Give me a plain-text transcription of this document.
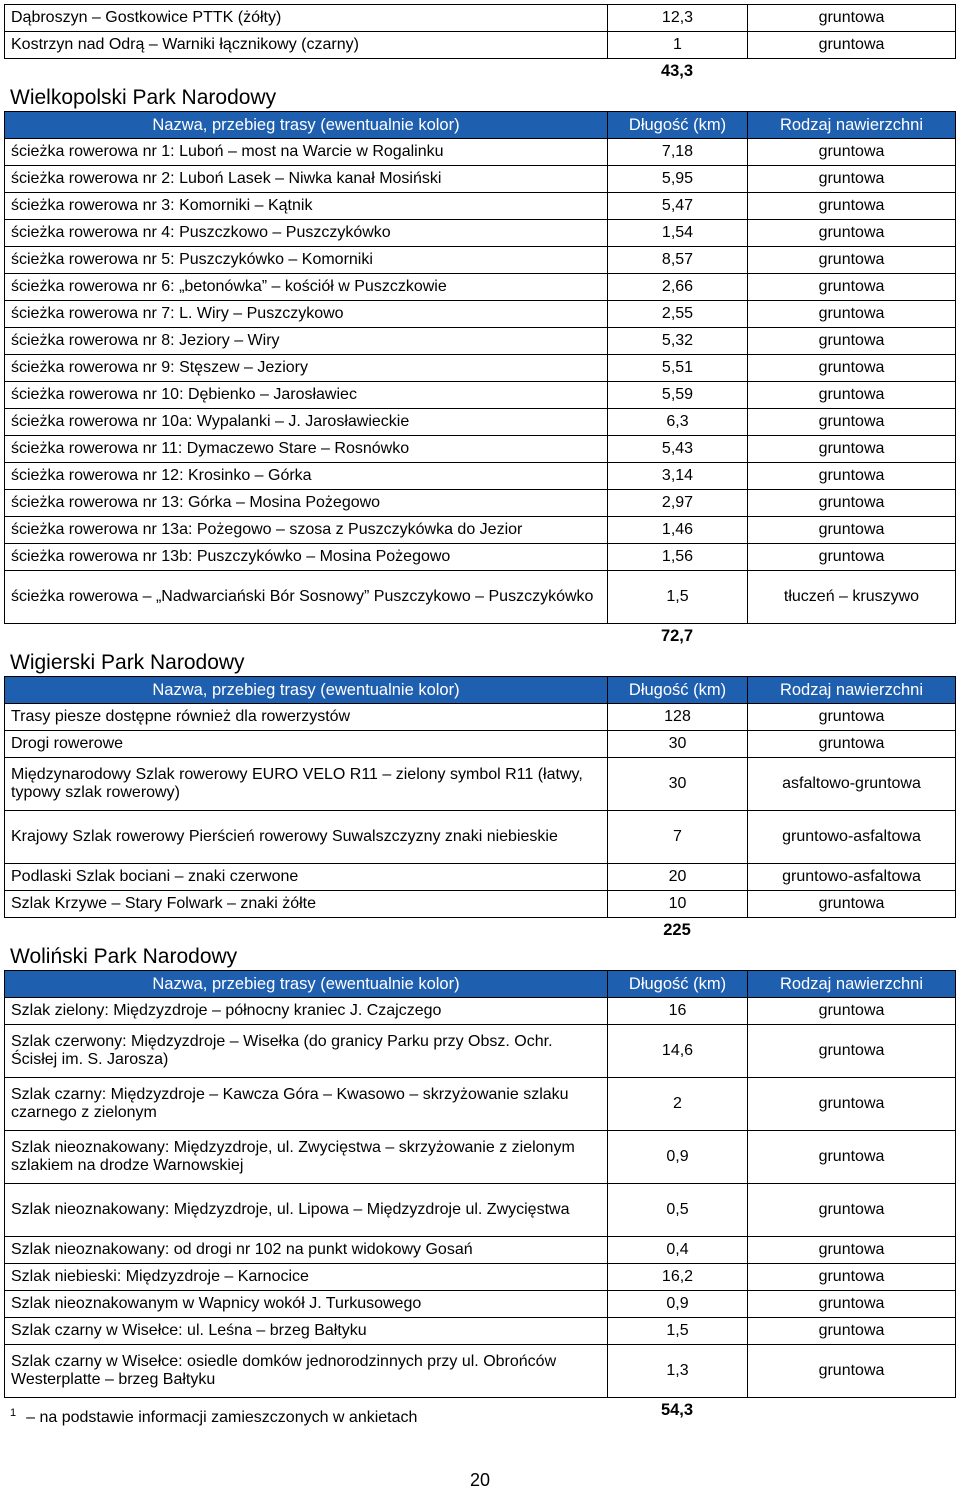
Dąbroszyn – Gostkowice PTTK (żółty)	12,3	gruntowa
Kostrzyn nad Odrą – Warniki łącznikowy (czarny)	1	gruntowa
43,3
Wielkopolski Park Narodowy
Nazwa, przebieg trasy (ewentualnie kolor)	Długość (km)	Rodzaj nawierzchni
ścieżka rowerowa nr 1: Luboń – most na Warcie w Rogalinku	7,18	gruntowa
ścieżka rowerowa nr 2: Luboń Lasek – Niwka kanał Mosiński	5,95	gruntowa
ścieżka rowerowa nr 3: Komorniki – Kątnik	5,47	gruntowa
ścieżka rowerowa nr 4: Puszczkowo – Puszczykówko	1,54	gruntowa
ścieżka rowerowa nr 5: Puszczykówko – Komorniki	8,57	gruntowa
ścieżka rowerowa nr 6: „betonówka” – kościół w Puszczkowie	2,66	gruntowa
ścieżka rowerowa nr 7: L. Wiry – Puszczykowo	2,55	gruntowa
ścieżka rowerowa nr 8: Jeziory – Wiry	5,32	gruntowa
ścieżka rowerowa nr 9: Stęszew – Jeziory	5,51	gruntowa
ścieżka rowerowa nr 10: Dębienko – Jarosławiec	5,59	gruntowa
ścieżka rowerowa nr 10a: Wypalanki – J. Jarosławieckie	6,3	gruntowa
ścieżka rowerowa nr 11: Dymaczewo Stare – Rosnówko	5,43	gruntowa
ścieżka rowerowa nr 12: Krosinko – Górka	3,14	gruntowa
ścieżka rowerowa nr 13: Górka – Mosina Pożegowo	2,97	gruntowa
ścieżka rowerowa nr 13a: Pożegowo – szosa z Puszczykówka do Jezior	1,46	gruntowa
ścieżka rowerowa nr 13b: Puszczykówko – Mosina Pożegowo	1,56	gruntowa
ścieżka rowerowa – „Nadwarciański Bór Sosnowy” Puszczykowo – Puszczykówko	1,5	tłuczeń – kruszywo
72,7
Wigierski Park Narodowy
Nazwa, przebieg trasy (ewentualnie kolor)	Długość (km)	Rodzaj nawierzchni
Trasy piesze dostępne również dla rowerzystów	128	gruntowa
Drogi rowerowe	30	gruntowa
Międzynarodowy Szlak rowerowy EURO VELO R11 – zielony symbol R11 (łatwy, typowy szlak rowerowy)	30	asfaltowo-gruntowa
Krajowy Szlak rowerowy Pierścień rowerowy Suwalszczyzny znaki niebieskie	7	gruntowo-asfaltowa
Podlaski Szlak bociani – znaki czerwone	20	gruntowo-asfaltowa
Szlak Krzywe – Stary Folwark – znaki żółte	10	gruntowa
225
Woliński Park Narodowy
Nazwa, przebieg trasy (ewentualnie kolor)	Długość (km)	Rodzaj nawierzchni
Szlak zielony: Międzyzdroje – północny kraniec J. Czajczego	16	gruntowa
Szlak czerwony: Międzyzdroje – Wisełka (do granicy Parku przy Obsz. Ochr. Ścisłej im. S. Jarosza)	14,6	gruntowa
Szlak czarny: Międzyzdroje – Kawcza Góra – Kwasowo – skrzyżowanie szlaku czarnego z zielonym	2	gruntowa
Szlak nieoznakowany: Międzyzdroje, ul. Zwycięstwa – skrzyżowanie z zielonym szlakiem na drodze Warnowskiej	0,9	gruntowa
Szlak nieoznakowany: Międzyzdroje, ul. Lipowa – Międzyzdroje ul. Zwycięstwa	0,5	gruntowa
Szlak nieoznakowany: od drogi nr 102 na punkt widokowy Gosań	0,4	gruntowa
Szlak niebieski: Międzyzdroje – Karnocice	16,2	gruntowa
Szlak nieoznakowanym w Wapnicy wokół J. Turkusowego	0,9	gruntowa
Szlak czarny w Wisełce: ul. Leśna – brzeg Bałtyku	1,5	gruntowa
Szlak czarny w Wisełce: osiedle domków jednorodzinnych przy ul. Obrońców Westerplatte – brzeg Bałtyku	1,3	gruntowa
54,3
$^1$ – na podstawie informacji zamieszczonych w ankietach
20
